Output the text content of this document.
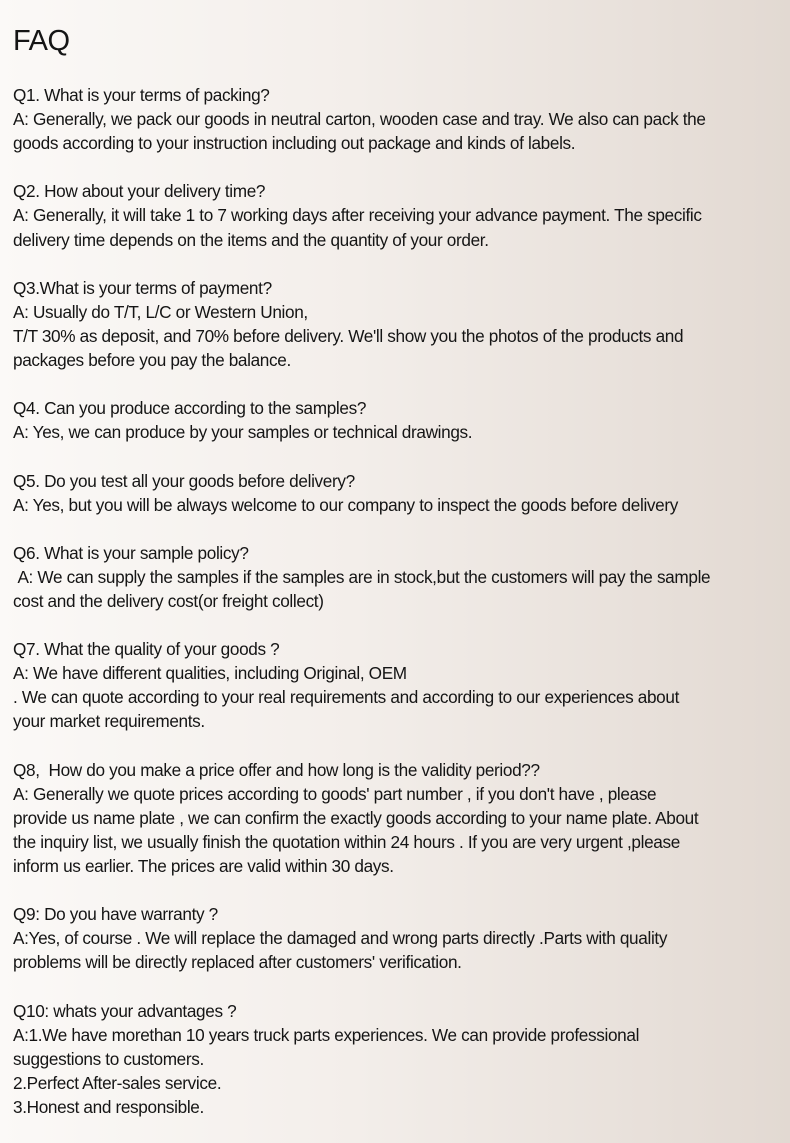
FAQ

Q1. What is your terms of packing?

A: Generally, we pack our goods in neutral carton, wooden case and tray. We also can pack the

goods according to your instruction including out package and kinds of labels.

Q2. How about your delivery time?

A: Generally, it will take 1 to 7 working days after receiving your advance payment. The specific

delivery time depends on the items and the quantity of your order.

Q3.What is your terms of payment?

A: Usually do T/T, L/C or Western Union,

T/T 30% as deposit, and 70% before delivery. We'll show you the photos of the products and

packages before you pay the balance.

Q4. Can you produce according to the samples?

A: Yes, we can produce by your samples or technical drawings.

Q5. Do you test all your goods before delivery?

A: Yes, but you will be always welcome to our company to inspect the goods before delivery

Q6. What is your sample policy?

A: We can supply the samples if the samples are in stock,but the customers will pay the sample

cost and the delivery cost(or freight collect)

Q7. What the quality of your goods ?

A: We have different qualities, including Original, OEM

. We can quote according to your real requirements and according to our experiences about

your market requirements.

Q8,  How do you make a price offer and how long is the validity period??

A: Generally we quote prices according to goods' part number , if you don't have , please

provide us name plate , we can confirm the exactly goods according to your name plate. About

the inquiry list, we usually finish the quotation within 24 hours . If you are very urgent ,please

inform us earlier. The prices are valid within 30 days.

Q9: Do you have warranty ?

A:Yes, of course . We will replace the damaged and wrong parts directly .Parts with quality

problems will be directly replaced after customers' verification.

Q10: whats your advantages ?

A:1.We have morethan 10 years truck parts experiences. We can provide professional

suggestions to customers.

2.Perfect After-sales service.

3.Honest and responsible.
